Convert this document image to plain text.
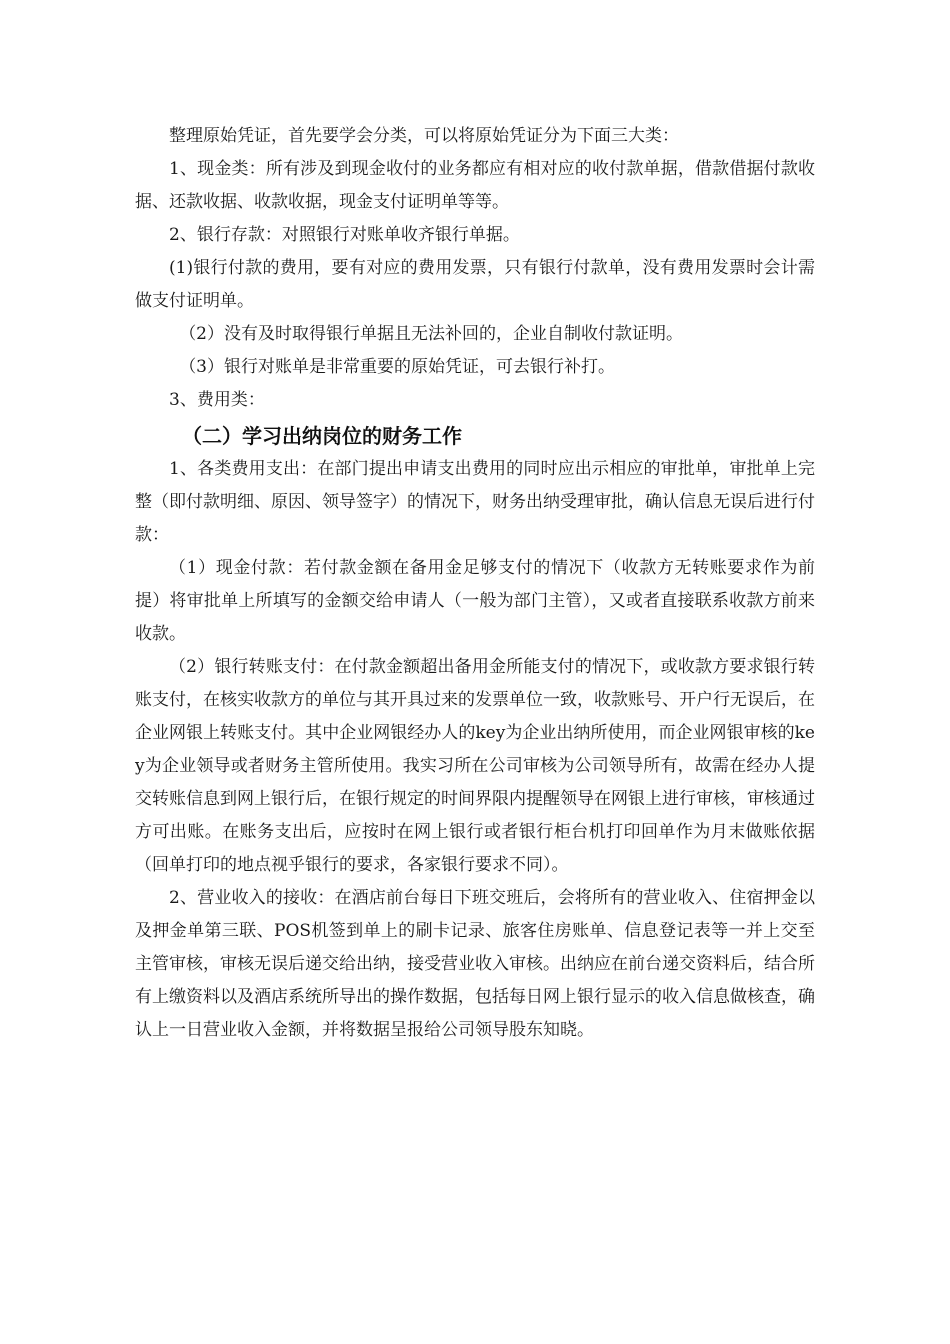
整理原始凭证，首先要学会分类，可以将原始凭证分为下面三大类：

1、现金类：所有涉及到现金收付的业务都应有相对应的收付款单据，借款借据付款收据、还款收据、收款收据，现金支付证明单等等。

2、银行存款：对照银行对账单收齐银行单据。

(1)银行付款的费用，要有对应的费用发票，只有银行付款单，没有费用发票时会计需做支付证明单。

（2）没有及时取得银行单据且无法补回的，企业自制收付款证明。

（3）银行对账单是非常重要的原始凭证，可去银行补打。

3、费用类：

（二）学习出纳岗位的财务工作

1、各类费用支出：在部门提出申请支出费用的同时应出示相应的审批单，审批单上完整（即付款明细、原因、领导签字）的情况下，财务出纳受理审批，确认信息无误后进行付款：

（1）现金付款：若付款金额在备用金足够支付的情况下（收款方无转账要求作为前提）将审批单上所填写的金额交给申请人（一般为部门主管），又或者直接联系收款方前来收款。

（2）银行转账支付：在付款金额超出备用金所能支付的情况下，或收款方要求银行转账支付，在核实收款方的单位与其开具过来的发票单位一致，收款账号、开户行无误后，在企业网银上转账支付。其中企业网银经办人的key为企业出纳所使用，而企业网银审核的key为企业领导或者财务主管所使用。我实习所在公司审核为公司领导所有，故需在经办人提交转账信息到网上银行后，在银行规定的时间界限内提醒领导在网银上进行审核，审核通过方可出账。在账务支出后，应按时在网上银行或者银行柜台机打印回单作为月末做账依据（回单打印的地点视乎银行的要求，各家银行要求不同）。

2、营业收入的接收：在酒店前台每日下班交班后，会将所有的营业收入、住宿押金以及押金单第三联、POS机签到单上的刷卡记录、旅客住房账单、信息登记表等一并上交至主管审核，审核无误后递交给出纳，接受营业收入审核。出纳应在前台递交资料后，结合所有上缴资料以及酒店系统所导出的操作数据，包括每日网上银行显示的收入信息做核查，确认上一日营业收入金额，并将数据呈报给公司领导股东知晓。
